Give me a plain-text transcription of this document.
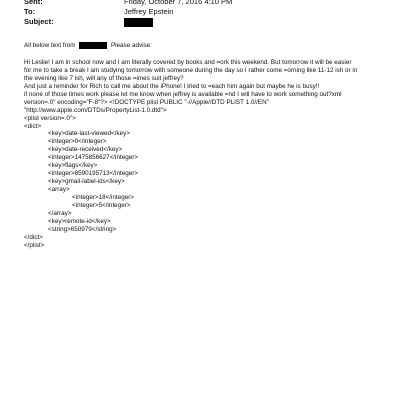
Sent:	Friday, October 7, 2016 4:10 PM
To:	Jeffrey Epstein
Subject:
All below text from	Please advise:
Hi Leslie! I am in school now and I am literally covered by books and =ork this weekend. But tomorrow it will be easier
for me to take a break I am studying tomorrow with someone during the day so I rather come =orning like 11-12 ish or in
the evening like 7 ish, will any of those =imes suit jeffrey?
And just a reminder for Rich to call me about the iPhone! I tried to =each him again but maybe he is busy!!
if none of those times work please let me know when jeffrey is available =nd I will have to work something out?xml
version=.0" encoding="F-8"?> <!DOCTYPE plist PUBLIC "-//Apple//DTD PLIST 1.0//EN"
"http://www.apple.com/DTDs/PropertyList-1.0.dtd">
<plist version=.0">
<dict>
<key>date-last-viewed</key>
<integer>0</integer>
<key>date-received</key>
<integer>1475856627</integer>
<key>flags</key>
<integer>8590195713</integer>
<key>gmail-label-ids</key>
<array>
<integer>18</integer>
<integer>5</integer>
</array>
<key>remote-id</key>
<string>650979</string>
</dict>
</plist>
